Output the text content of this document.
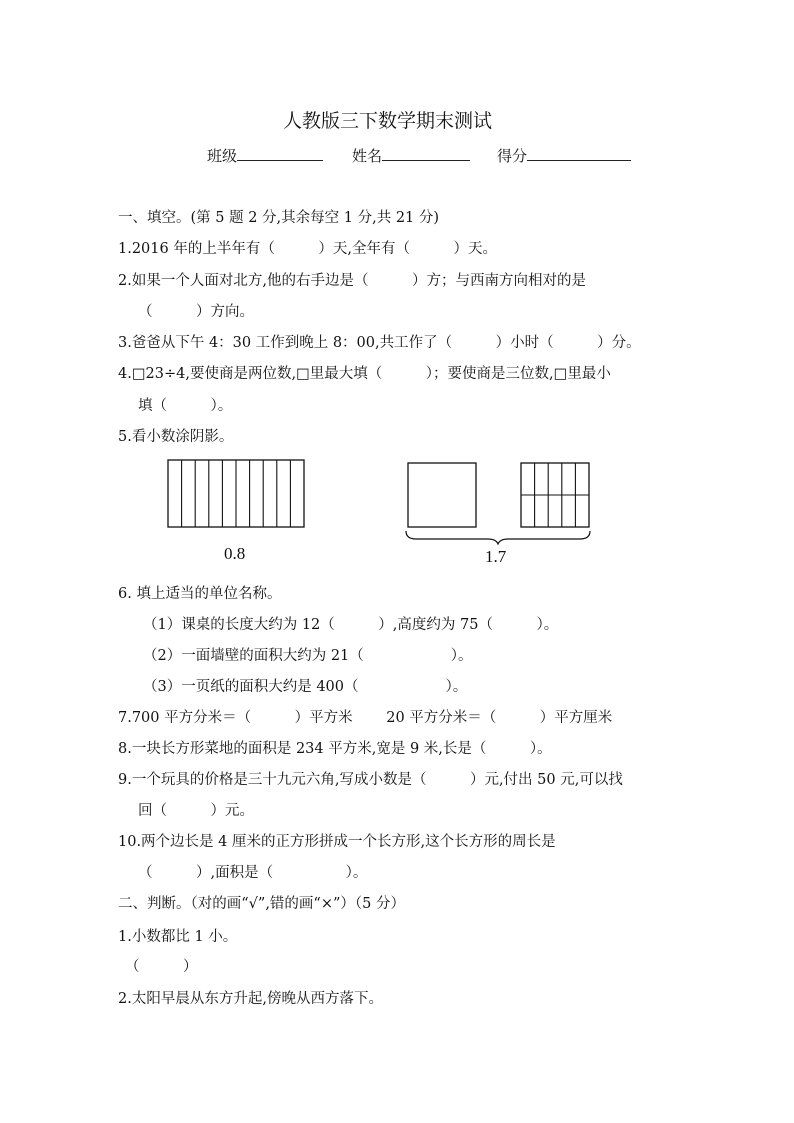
人教版三下数学期末测试
班级	姓名	得分
一、填空。(第 5 题 2 分,其余每空 1 分,共 21 分)
1.2016 年的上半年有（　　　）天,全年有（　　　）天。
2.如果一个人面对北方,他的右手边是（　　　）方；与西南方向相对的是
（　　　）方向。
3.爸爸从下午 4：30 工作到晚上 8：00,共工作了（　　　）小时（　　　）分。
4.□23÷4,要使商是两位数,□里最大填（　　　）；要使商是三位数,□里最小
填（　　　）。
5.看小数涂阴影。
0.8	1.7
6. 填上适当的单位名称。
（1）课桌的长度大约为 12（　　　）,高度约为 75（　　　）。
（2）一面墙壁的面积大约为 21（　　　　　　）。
（3）一页纸的面积大约是 400（　　　　　　）。
7.700 平方分米＝（　　　）平方米　　 20 平方分米＝（　　　）平方厘米
8.一块长方形菜地的面积是 234 平方米,宽是 9 米,长是（　　　）。
9.一个玩具的价格是三十九元六角,写成小数是（　　　）元,付出 50 元,可以找
回（　　　）元。
10.两个边长是 4 厘米的正方形拼成一个长方形,这个长方形的周长是
（　　　）,面积是（　　　　　）。
二、判断。（对的画“√”,错的画“×”）（5 分）
1.小数都比 1 小。
（　　　）
2.太阳早晨从东方升起,傍晚从西方落下。
